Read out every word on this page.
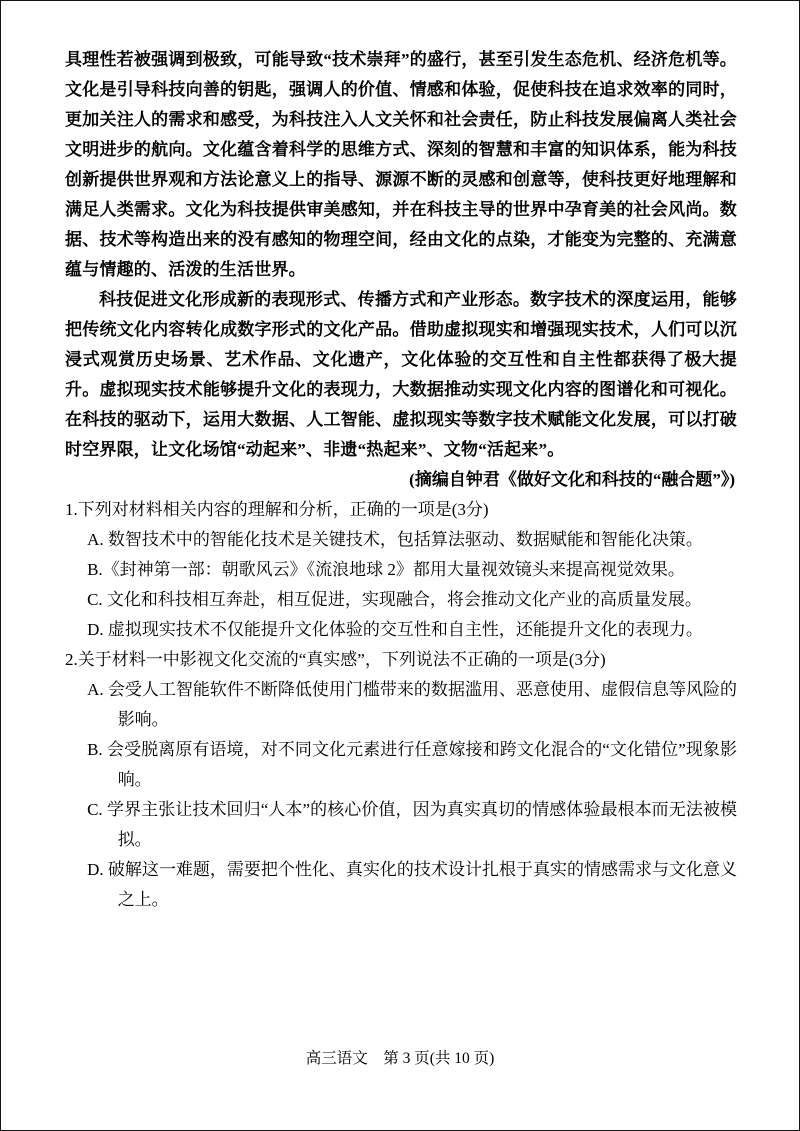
具理性若被强调到极致，可能导致“技术崇拜”的盛行，甚至引发生态危机、经济危机等。文化是引导科技向善的钥匙，强调人的价值、情感和体验，促使科技在追求效率的同时，更加关注人的需求和感受，为科技注入人文关怀和社会责任，防止科技发展偏离人类社会文明进步的航向。文化蕴含着科学的思维方式、深刻的智慧和丰富的知识体系，能为科技创新提供世界观和方法论意义上的指导、源源不断的灵感和创意等，使科技更好地理解和满足人类需求。文化为科技提供审美感知，并在科技主导的世界中孕育美的社会风尚。数据、技术等构造出来的没有感知的物理空间，经由文化的点染，才能变为完整的、充满意蕴与情趣的、活泼的生活世界。

科技促进文化形成新的表现形式、传播方式和产业形态。数字技术的深度运用，能够把传统文化内容转化成数字形式的文化产品。借助虚拟现实和增强现实技术，人们可以沉浸式观赏历史场景、艺术作品、文化遗产，文化体验的交互性和自主性都获得了极大提升。虚拟现实技术能够提升文化的表现力，大数据推动实现文化内容的图谱化和可视化。在科技的驱动下，运用大数据、人工智能、虚拟现实等数字技术赋能文化发展，可以打破时空界限，让文化场馆“动起来”、非遗“热起来”、文物“活起来”。

(摘编自钟君《做好文化和科技的“融合题”》)

1.下列对材料相关内容的理解和分析，正确的一项是(3分)

A. 数智技术中的智能化技术是关键技术，包括算法驱动、数据赋能和智能化决策。

B.《封神第一部：朝歌风云》《流浪地球 2》都用大量视效镜头来提高视觉效果。

C. 文化和科技相互奔赴，相互促进，实现融合，将会推动文化产业的高质量发展。

D. 虚拟现实技术不仅能提升文化体验的交互性和自主性，还能提升文化的表现力。

2.关于材料一中影视文化交流的“真实感”，下列说法不正确的一项是(3分)

A. 会受人工智能软件不断降低使用门槛带来的数据滥用、恶意使用、虚假信息等风险的影响。

B. 会受脱离原有语境，对不同文化元素进行任意嫁接和跨文化混合的“文化错位”现象影响。

C. 学界主张让技术回归“人本”的核心价值，因为真实真切的情感体验最根本而无法被模拟。

D. 破解这一难题，需要把个性化、真实化的技术设计扎根于真实的情感需求与文化意义之上。

高三语文　第 3 页(共 10 页)
